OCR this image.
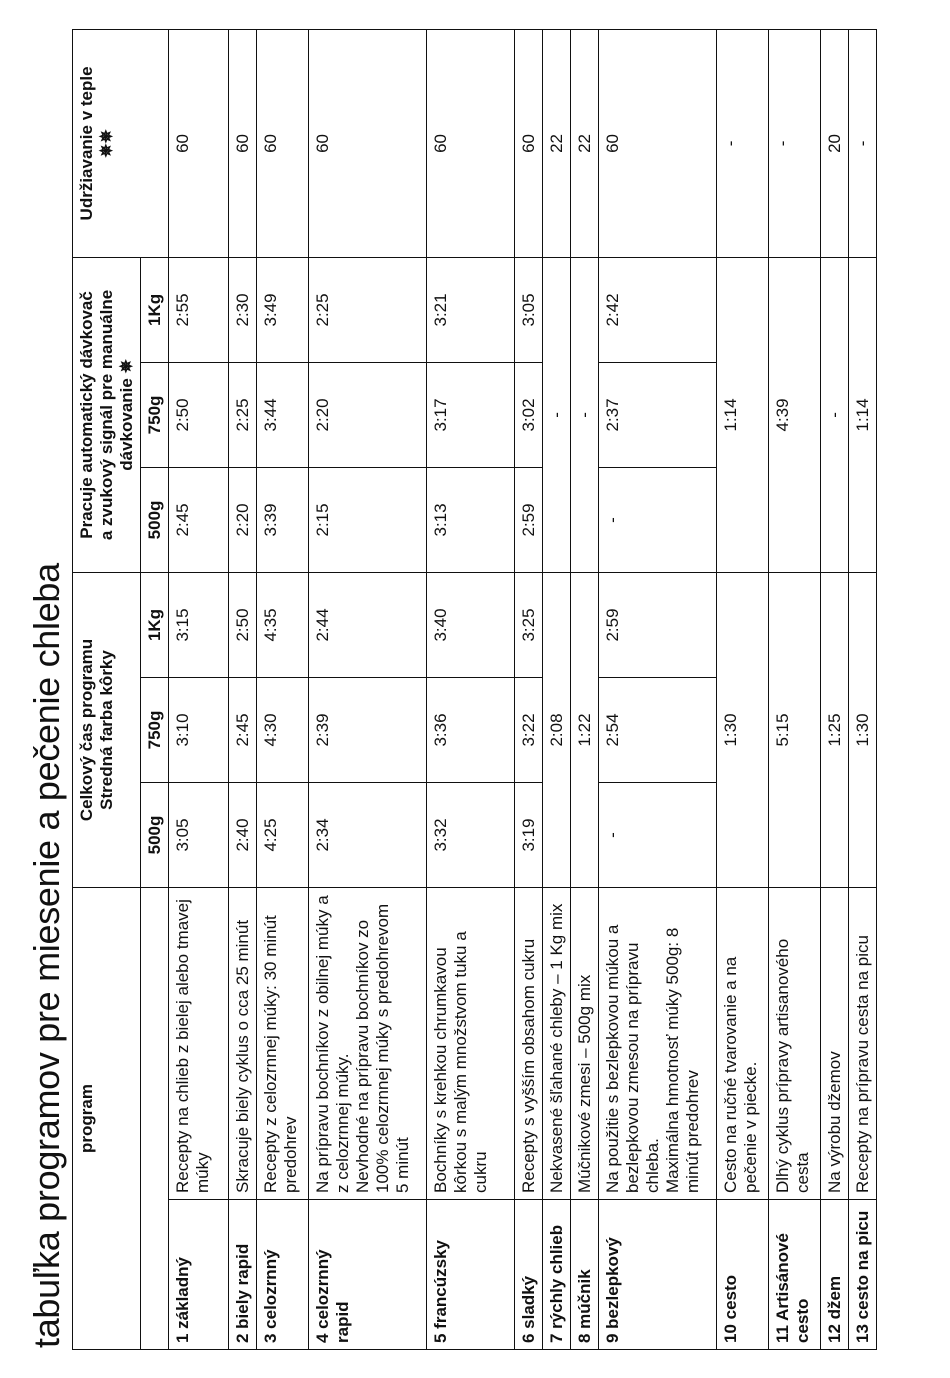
tabuľka programov pre miesenie a pečenie chleba program		Celkový čas programu
Stredná farba kôrky			Pracuje automatický dávkovač
a zvukový signál pre manuálne
dávkovanie ✵			Udržiavanie v teple
✵✵
		500g	750g	1Kg	500g	750g	1Kg	
1 základný	Recepty na chlieb z bielej alebo tmavej múky	3:05	3:10	3:15	2:45	2:50	2:55	60
2 biely rapid	Skracuje biely cyklus o cca 25 minút	2:40	2:45	2:50	2:20	2:25	2:30	60
3 celozrnný	Recepty z celozrnnej múky: 30 minút predohrev	4:25	4:30	4:35	3:39	3:44	3:49	60
4 celozrnný rapid	Na prípravu bochníkov z obilnej múky a z celozrnnej múky.
Nevhodné na prípravu bochníkov zo 100% celozrnnej múky s predohrevom 5 minút	2:34	2:39	2:44	2:15	2:20	2:25	60
5 francúzsky	Bochníky s krehkou chrumkavou kôrkou s malým množstvom tuku a cukru	3:32	3:36	3:40	3:13	3:17	3:21	60
6 sladký	Recepty s vyšším obsahom cukru	3:19	3:22	3:25	2:59	3:02	3:05	60
7 rýchly chlieb	Nekvasené šľahané chleby – 1 Kg mix	2:08			-			22
8 múčnik	Múčnikové zmesi – 500g mix	1:22			-			22
9 bezlepkový	Na použitie s bezlepkovou múkou a bezlepkovou zmesou na prípravu chleba.
Maximálna hmotnosť múky 500g: 8 minút predohrev	-	2:54	2:59	-	2:37	2:42	60
10 cesto	Cesto na ručné tvarovanie a na pečenie v piecke.	1:30			1:14			-
11 Artisánové cesto	Dlhý cyklus prípravy artisanového cesta	5:15			4:39			-
12 džem	Na výrobu džemov	1:25			-			20
13 cesto na picu	Recepty na prípravu cesta na picu	1:30			1:14			-
